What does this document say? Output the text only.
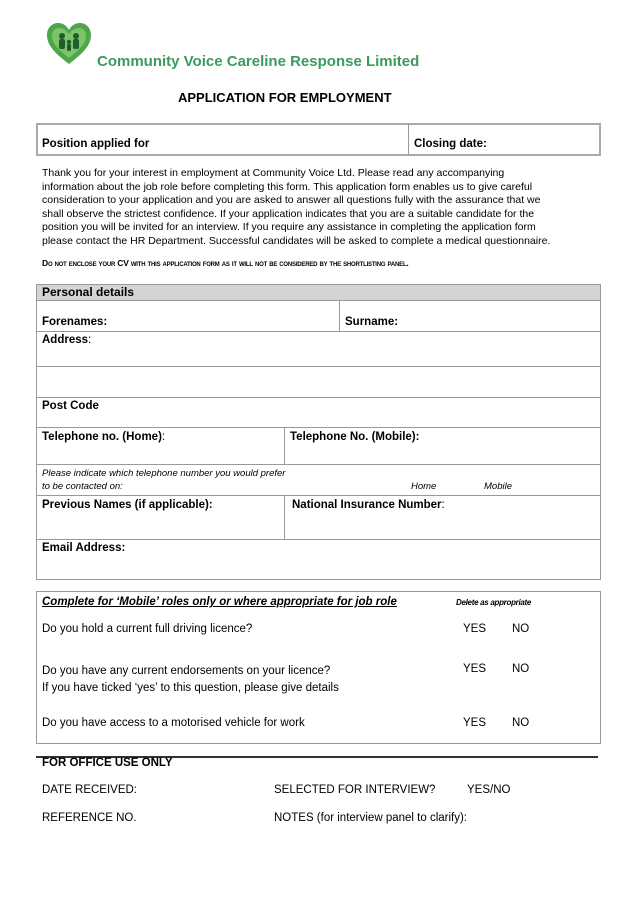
Community Voice Careline Response Limited
APPLICATION FOR EMPLOYMENT
Position applied for	Closing date:
Thank you for your interest in employment at Community Voice Ltd. Please read any accompanying
information about the job role before completing this form. This application form enables us to give careful
consideration to your application and you are asked to answer all questions fully with the assurance that we
shall observe the strictest confidence. If your application indicates that you are a suitable candidate for the
position you will be invited for an interview. If you require any assistance in completing the application form
please contact the HR Department. Successful candidates will be asked to complete a medical questionnaire.
Do not enclose your CV with this application form as it will not be considered by the shortlisting panel.
Personal details
Forenames:	Surname:
Address:
Post Code
Telephone no. (Home):	Telephone No. (Mobile):
Please indicate which telephone number you would prefer
to be contacted on:	Home	Mobile
Previous Names (if applicable):	National Insurance Number:
Email Address:
Complete for ‘Mobile’ roles only or where appropriate for job role	Delete as appropriate
Do you hold a current full driving licence?	YES NO
Do you have any current endorsements on your licence?
If you have ticked ‘yes’ to this question, please give details
YES NO
Do you have access to a motorised vehicle for work	YES NO
FOR OFFICE USE ONLY
DATE RECEIVED:	SELECTED FOR INTERVIEW?	YES/NO
REFERENCE NO.	NOTES (for interview panel to clarify):
